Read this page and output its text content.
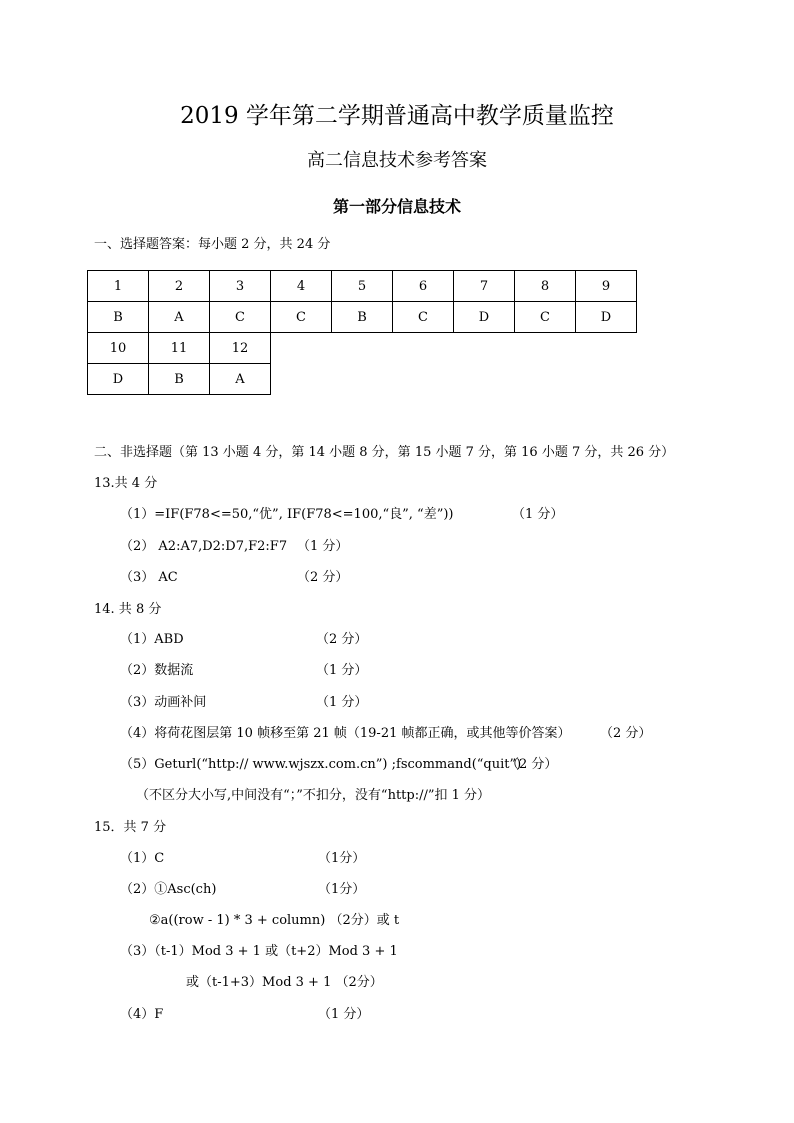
2019 学年第二学期普通高中教学质量监控
高二信息技术参考答案
第一部分信息技术
一、选择题答案：每小题 2 分，共 24 分
1	2	3	4	5	6	7	8	9
B	A	C	C	B	C	D	C	D
10	11	12						
D	B	A						
二、非选择题（第 13 小题 4 分，第 14 小题 8 分，第 15 小题 7 分，第 16 小题 7 分，共 26 分）
13.共 4 分
（1）=IF(F78<=50,“优”, IF(F78<=100,“良”, “差”))	（1 分）
（2） A2:A7,D2:D7,F2:F7 （1 分）
（3） AC	（2 分）
14. 共 8 分
（1）ABD	（2 分）
（2）数据流	（1 分）
（3）动画补间	（1 分）
（4）将荷花图层第 10 帧移至第 21 帧（19-21 帧都正确，或其他等价答案） （2 分）
（5）Geturl(“http:// www.wjszx.com.cn”) ;fscommand(“quit”)
（2 分）
（不区分大小写,中间没有“；”不扣分，没有“http://”扣 1 分）
15．共 7 分
（1）C	（1分）
（2）①Asc(ch)	（1分）
②a((row - 1) * 3 + column) （2分）或 t
（3）（t-1）Mod 3 + 1 或（t+2）Mod 3 + 1
或（t-1+3）Mod 3 + 1 （2分）
（4）F	（1 分）
